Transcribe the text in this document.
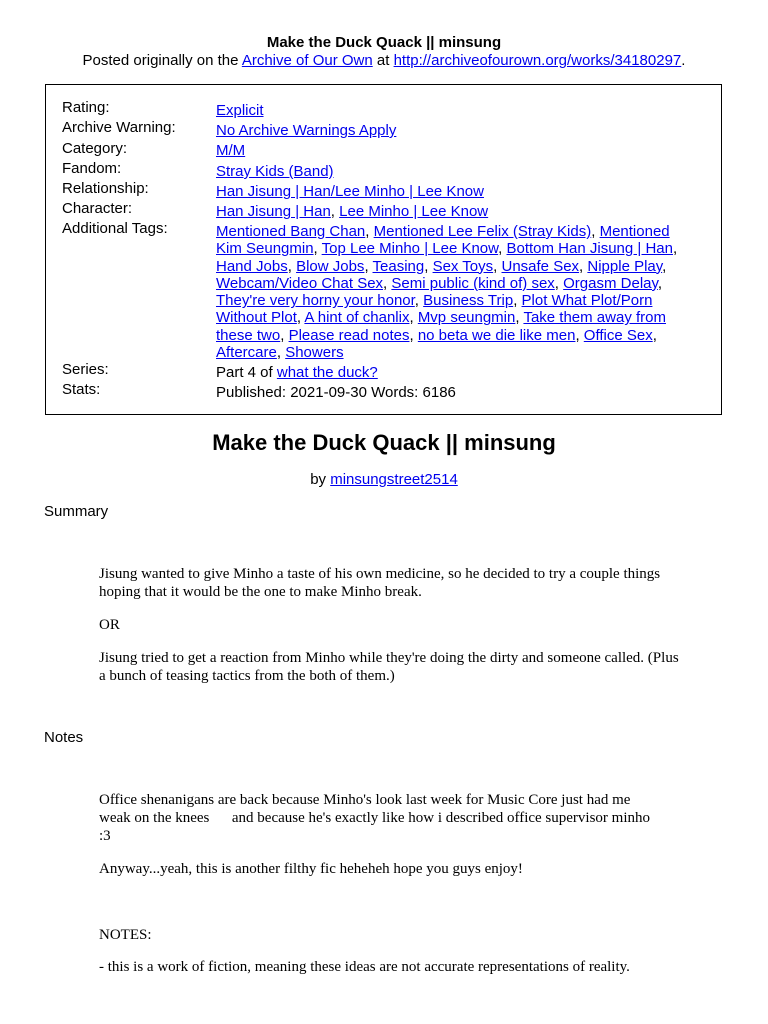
Make the Duck Quack || minsung
Posted originally on the Archive of Our Own at http://archiveofourown.org/works/34180297.
Rating:	Explicit
Archive Warning:	No Archive Warnings Apply
Category:	M/M
Fandom:	Stray Kids (Band)
Relationship:	Han Jisung | Han/Lee Minho | Lee Know
Character:	Han Jisung | Han, Lee Minho | Lee Know
Additional Tags:	Mentioned Bang Chan, Mentioned Lee Felix (Stray Kids), Mentioned Kim Seungmin, Top Lee Minho | Lee Know, Bottom Han Jisung | Han, Hand Jobs, Blow Jobs, Teasing, Sex Toys, Unsafe Sex, Nipple Play, Webcam/Video Chat Sex, Semi public (kind of) sex, Orgasm Delay, They're very horny your honor, Business Trip, Plot What Plot/Porn Without Plot, A hint of chanlix, Mvp seungmin, Take them away from these two, Please read notes, no beta we die like men, Office Sex, Aftercare, Showers
Series:	Part 4 of what the duck?
Stats:	Published: 2021-09-30 Words: 6186
Make the Duck Quack || minsung
by minsungstreet2514
Summary
Jisung wanted to give Minho a taste of his own medicine, so he decided to try a couple things hoping that it would be the one to make Minho break.
OR
Jisung tried to get a reaction from Minho while they're doing the dirty and someone called. (Plus a bunch of teasing tactics from the both of them.)
Notes
Office shenanigans are back because Minho's look last week for Music Core just had me weak on the knees      and because he's exactly like how i described office supervisor minho :3
Anyway...yeah, this is another filthy fic heheheh hope you guys enjoy!
NOTES:
- this is a work of fiction, meaning these ideas are not accurate representations of reality.
